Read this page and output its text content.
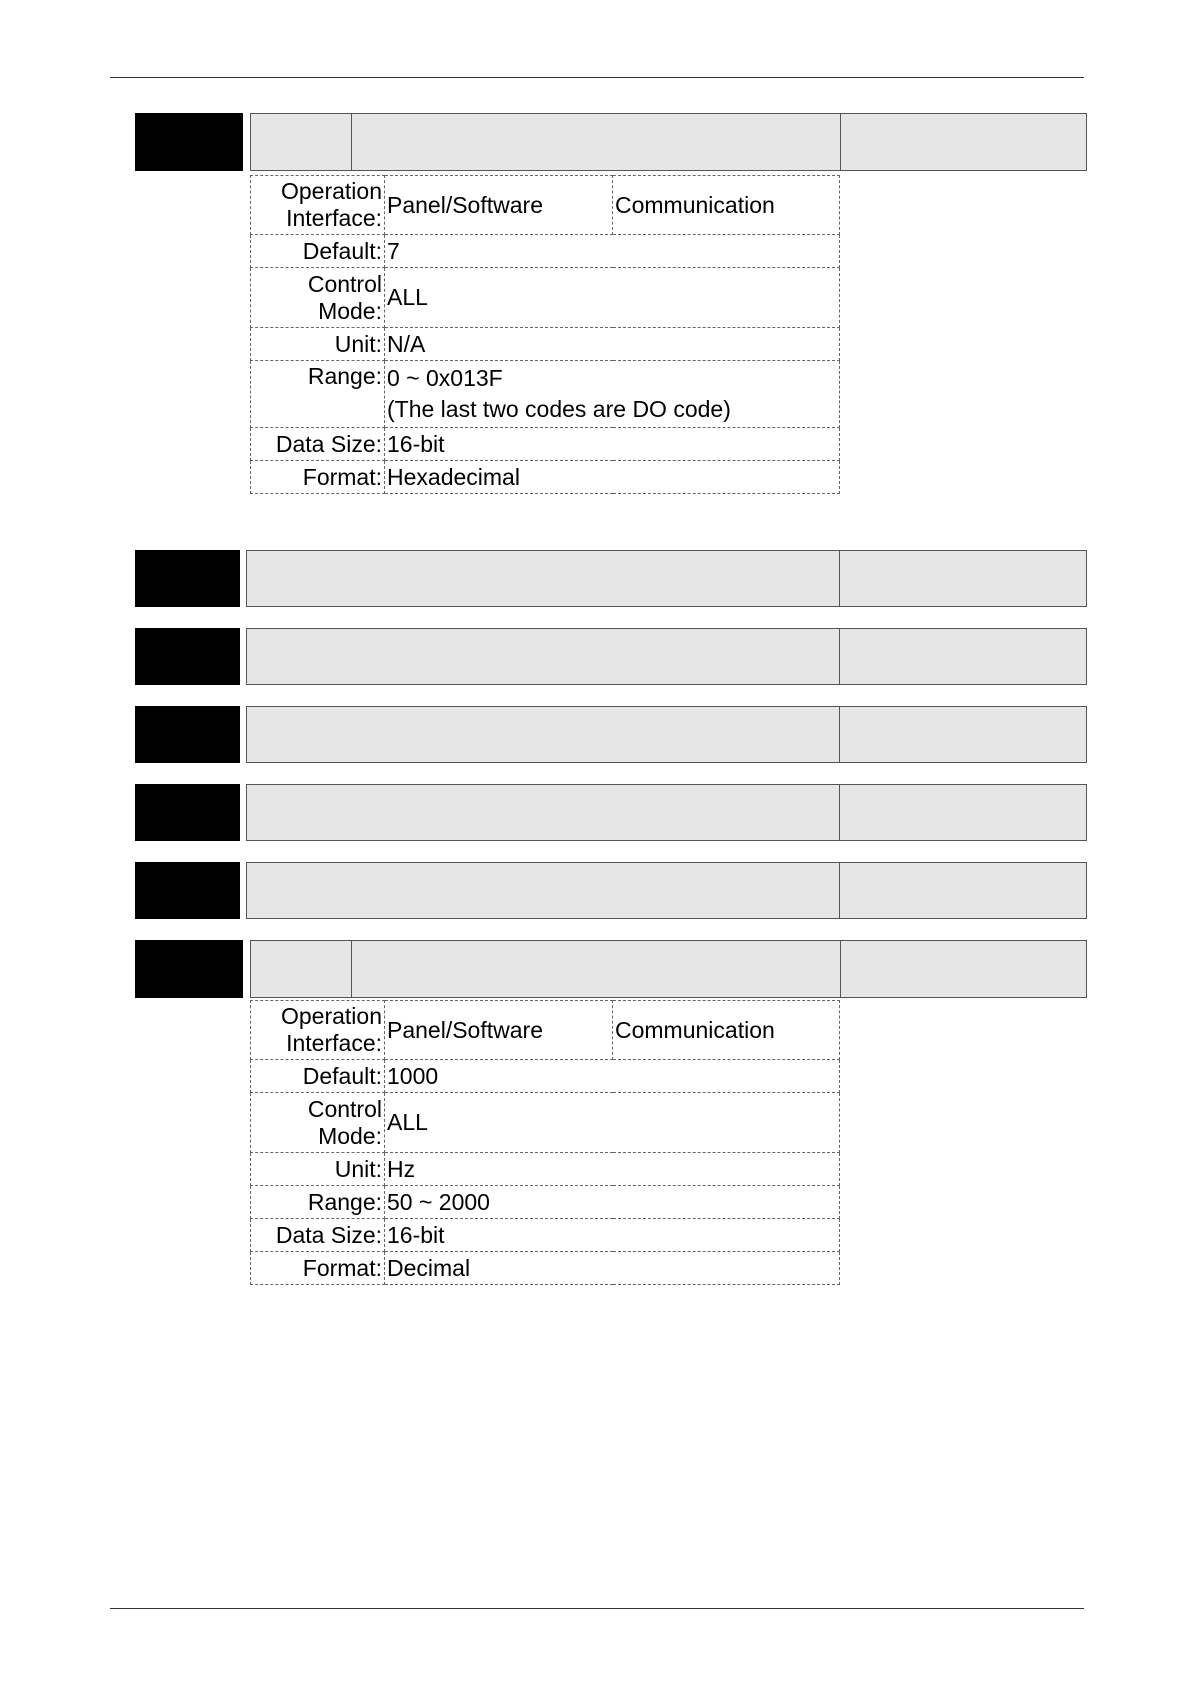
Operation Interface:	Panel/Software	Communication
Default:	7	
Control Mode:	ALL	
Unit:	N/A	
Range:	0 ~ 0x013F
(The last two codes are DO code)	

Data Size:	16-bit	
Format:	Hexadecimal	
Operation Interface:	Panel/Software	Communication
Default:	1000	
Control Mode:	ALL	
Unit:	Hz	
Range:	50 ~ 2000	
Data Size:	16-bit	
Format:	Decimal	
